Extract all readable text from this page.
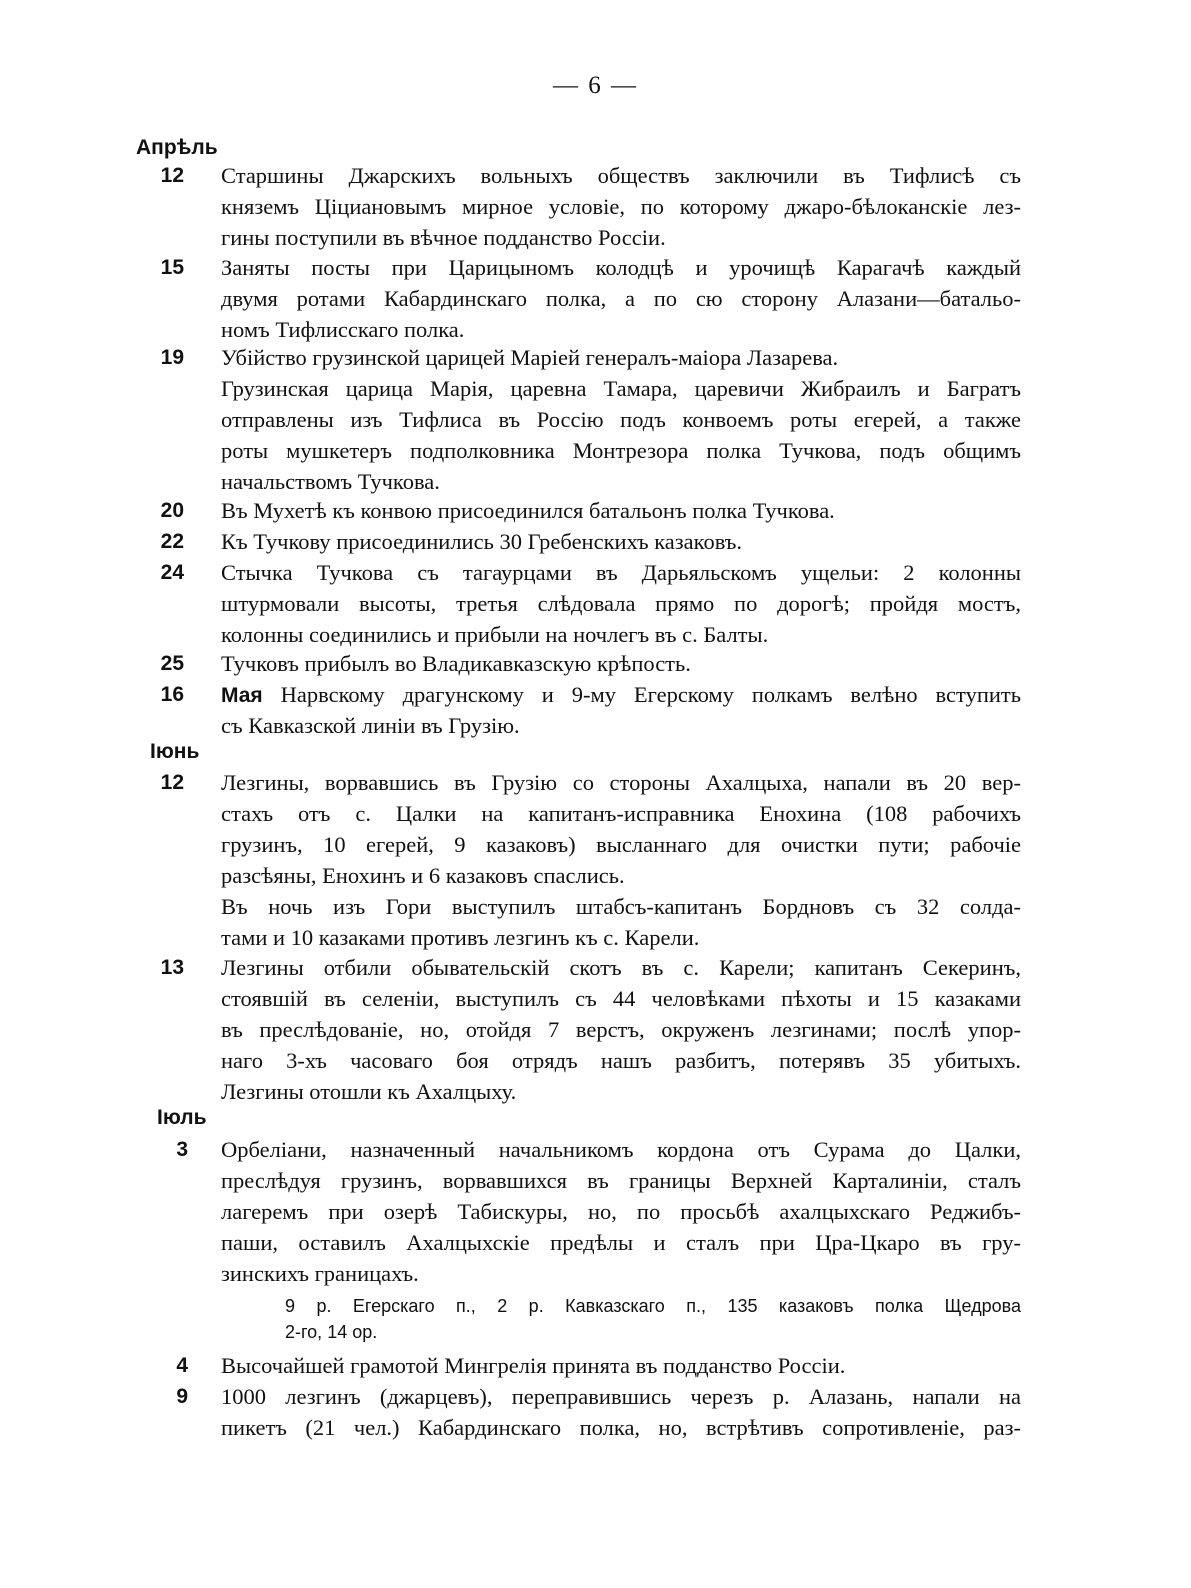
— 6 —
Апрѣль
12 Старшины Джарскихъ вольныхъ обществъ заключили въ Тифлисѣ съ
княземъ Цiциановымъ мирное условiе, по которому джаро-бѣлоканскiе лез-
гины поступили въ вѣчное подданство Россiи.
15 Заняты посты при Царицыномъ колодцѣ и урочищѣ Карагачѣ каждый
двумя ротами Кабардинскаго полка, а по сю сторону Алазани—батальо-
номъ Тифлисскаго полка.
19 Убiйство грузинской царицей Марiей генералъ-маiора Лазарева.
Грузинская царица Марiя, царевна Тамара, царевичи Жибраилъ и Багратъ
отправлены изъ Тифлиса въ Россiю подъ конвоемъ роты егерей, а также
роты мушкетеръ подполковника Монтрезора полка Тучкова, подъ общимъ
начальствомъ Тучкова.
20 Въ Мухетѣ къ конвою присоединился батальонъ полка Тучкова.
22 Къ Тучкову присоединились 30 Гребенскихъ казаковъ.
24 Стычка Тучкова съ тагаурцами въ Дарьяльскомъ ущельи: 2 колонны
штурмовали высоты, третья слѣдовала прямо по дорогѣ; пройдя мостъ,
колонны соединились и прибыли на ночлегъ въ с. Балты.
25 Тучковъ прибылъ во Владикавказскую крѣпость.
16 Мая Нарвскому драгунскому и 9-му Егерскому полкамъ велѣно вступить
съ Кавказской линiи въ Грузiю.
Iюнь
12 Лезгины, ворвавшись въ Грузiю со стороны Ахалцыха, напали въ 20 вер-
стахъ отъ с. Цалки на капитанъ-исправника Енохина (108 рабочихъ
грузинъ, 10 егерей, 9 казаковъ) высланнаго для очистки пути; рабочiе
разсѣяны, Енохинъ и 6 казаковъ спаслись.
Въ ночь изъ Гори выступилъ штабсъ-капитанъ Бордновъ съ 32 солда-
тами и 10 казаками противъ лезгинъ къ с. Карели.
13 Лезгины отбили обывательскiй скотъ въ с. Карели; капитанъ Секеринъ,
стоявшiй въ селенiи, выступилъ съ 44 человѣками пѣхоты и 15 казаками
въ преслѣдованiе, но, отойдя 7 верстъ, окруженъ лезгинами; послѣ упор-
наго 3-хъ часоваго боя отрядъ нашъ разбитъ, потерявъ 35 убитыхъ.
Лезгины отошли къ Ахалцыху.
Iюль
3 Орбелiани, назначенный начальникомъ кордона отъ Сурама до Цалки,
преслѣдуя грузинъ, ворвавшихся въ границы Верхней Карталинiи, сталъ
лагеремъ при озерѣ Табискуры, но, по просьбѣ ахалцыхскаго Реджибъ-
паши, оставилъ Ахалцыхскiе предѣлы и сталъ при Цра-Цкаро въ гру-
зинскихъ границахъ.
9 р. Егерскаго п., 2 р. Кавказскаго п., 135 казаковъ полка Щедрова
2-го, 14 ор.
4 Высочайшей грамотой Мингрелiя принята въ подданство Россiи.
9 1000 лезгинъ (джарцевъ), переправившись черезъ р. Алазань, напали на
пикетъ (21 чел.) Кабардинскаго полка, но, встрѣтивъ сопротивленiе, раз-
